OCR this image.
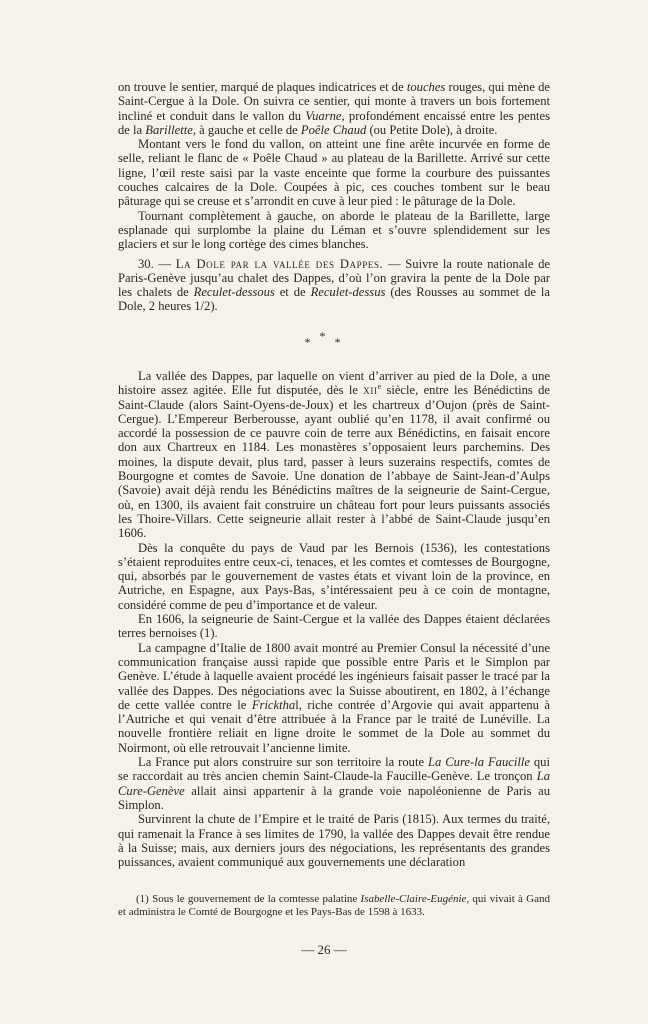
on trouve le sentier, marqué de plaques indicatrices et de touches rouges, qui mène de Saint-Cergue à la Dole. On suivra ce sentier, qui monte à travers un bois fortement incliné et conduit dans le vallon du Vuarne, profondément encaissé entre les pentes de la Barillette, à gauche et celle de Poêle Chaud (ou Petite Dole), à droite.

Montant vers le fond du vallon, on atteint une fine arête incurvée en forme de selle, reliant le flanc de « Poêle Chaud » au plateau de la Barillette. Arrivé sur cette ligne, l’œil reste saisi par la vaste enceinte que forme la courbure des puissantes couches calcaires de la Dole. Coupées à pic, ces couches tombent sur le beau pâturage qui se creuse et s’arrondit en cuve à leur pied : le pâturage de la Dole.

Tournant complètement à gauche, on aborde le plateau de la Barillette, large esplanade qui surplombe la plaine du Léman et s’ouvre splendidement sur les glaciers et sur le long cortège des cimes blanches.

30. — La Dole par la vallée des Dappes. — Suivre la route nationale de Paris-Genève jusqu’au chalet des Dappes, d’où l’on gravira la pente de la Dole par les chalets de Reculet-dessous et de Reculet-dessus (des Rousses au sommet de la Dole, 2 heures 1/2).

* * *

La vallée des Dappes, par laquelle on vient d’arriver au pied de la Dole, a une histoire assez agitée. Elle fut disputée, dès le xii$^e$ siècle, entre les Bénédictins de Saint-Claude (alors Saint-Oyens-de-Joux) et les chartreux d’Oujon (près de Saint-Cergue). L’Empereur Berberousse, ayant oublié qu’en 1178, il avait confirmé ou accordé la possession de ce pauvre coin de terre aux Bénédictins, en faisait encore don aux Chartreux en 1184. Les monastères s’opposaient leurs parchemins. Des moines, la dispute devait, plus tard, passer à leurs suzerains respectifs, comtes de Bourgogne et comtes de Savoie. Une donation de l’abbaye de Saint-Jean-d’Aulps (Savoie) avait déjà rendu les Bénédictins maîtres de la seigneurie de Saint-Cergue, où, en 1300, ils avaient fait construire un château fort pour leurs puissants associés les Thoire-Villars. Cette seigneurie allait rester à l’abbé de Saint-Claude jusqu’en 1606.

Dès la conquête du pays de Vaud par les Bernois (1536), les contestations s’étaient reproduites entre ceux-ci, tenaces, et les comtes et comtesses de Bourgogne, qui, absorbés par le gouvernement de vastes états et vivant loin de la province, en Autriche, en Espagne, aux Pays-Bas, s’intéressaient peu à ce coin de montagne, considéré comme de peu d’importance et de valeur.

En 1606, la seigneurie de Saint-Cergue et la vallée des Dappes étaient déclarées terres bernoises (1).

La campagne d’Italie de 1800 avait montré au Premier Consul la nécessité d’une communication française aussi rapide que possible entre Paris et le Simplon par Genève. L’étude à laquelle avaient procédé les ingénieurs faisait passer le tracé par la vallée des Dappes. Des négociations avec la Suisse aboutirent, en 1802, à l’échange de cette vallée contre le Frickthal, riche contrée d’Argovie qui avait appartenu à l’Autriche et qui venait d’être attribuée à la France par le traité de Lunéville. La nouvelle frontière reliait en ligne droite le sommet de la Dole au sommet du Noirmont, où elle retrouvait l’ancienne limite.

La France put alors construire sur son territoire la route La Cure-la Faucille qui se raccordait au très ancien chemin Saint-Claude-la Faucille-Genève. Le tronçon La Cure-Genève allait ainsi appartenir à la grande voie napoléonienne de Paris au Simplon.

Survinrent la chute de l’Empire et le traité de Paris (1815). Aux termes du traité, qui ramenait la France à ses limites de 1790, la vallée des Dappes devait être rendue à la Suisse; mais, aux derniers jours des négociations, les représentants des grandes puissances, avaient communiqué aux gouvernements une déclaration

(1) Sous le gouvernement de la comtesse palatine Isabelle-Claire-Eugénie, qui vivait à Gand et administra le Comté de Bourgogne et les Pays-Bas de 1598 à 1633.
— 26 —
